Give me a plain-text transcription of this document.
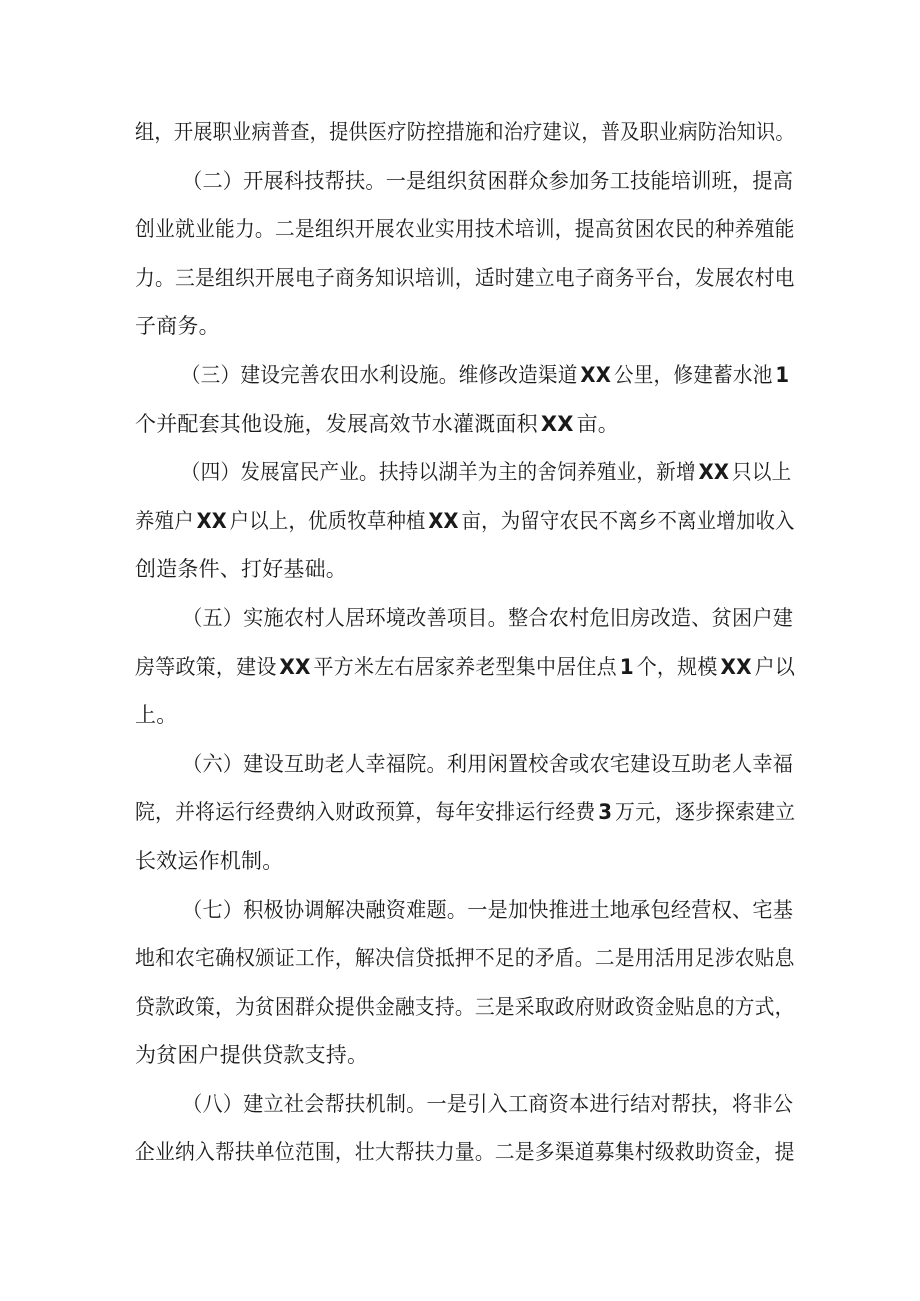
组，开展职业病普查，提供医疗防控措施和治疗建议，普及职业病防治知识。
（二）开展科技帮扶。一是组织贫困群众参加务工技能培训班，提高
创业就业能力。二是组织开展农业实用技术培训，提高贫困农民的种养殖能
力。三是组织开展电子商务知识培训，适时建立电子商务平台，发展农村电
子商务。
（三）建设完善农田水利设施。维修改造渠道 XX 公里，修建蓄水池 1
个并配套其他设施，发展高效节水灌溉面积 XX 亩。
（四）发展富民产业。扶持以湖羊为主的舍饲养殖业，新增 XX 只以上
养殖户 XX 户以上，优质牧草种植 XX 亩，为留守农民不离乡不离业增加收入
创造条件、打好基础。
（五）实施农村人居环境改善项目。整合农村危旧房改造、贫困户建
房等政策，建设 XX 平方米左右居家养老型集中居住点 1 个，规模 XX 户以
上。
（六）建设互助老人幸福院。利用闲置校舍或农宅建设互助老人幸福
院，并将运行经费纳入财政预算，每年安排运行经费 3 万元，逐步探索建立
长效运作机制。
（七）积极协调解决融资难题。一是加快推进土地承包经营权、宅基
地和农宅确权颁证工作，解决信贷抵押不足的矛盾。二是用活用足涉农贴息
贷款政策，为贫困群众提供金融支持。三是采取政府财政资金贴息的方式，
为贫困户提供贷款支持。
（八）建立社会帮扶机制。一是引入工商资本进行结对帮扶，将非公
企业纳入帮扶单位范围，壮大帮扶力量。二是多渠道募集村级救助资金，提
